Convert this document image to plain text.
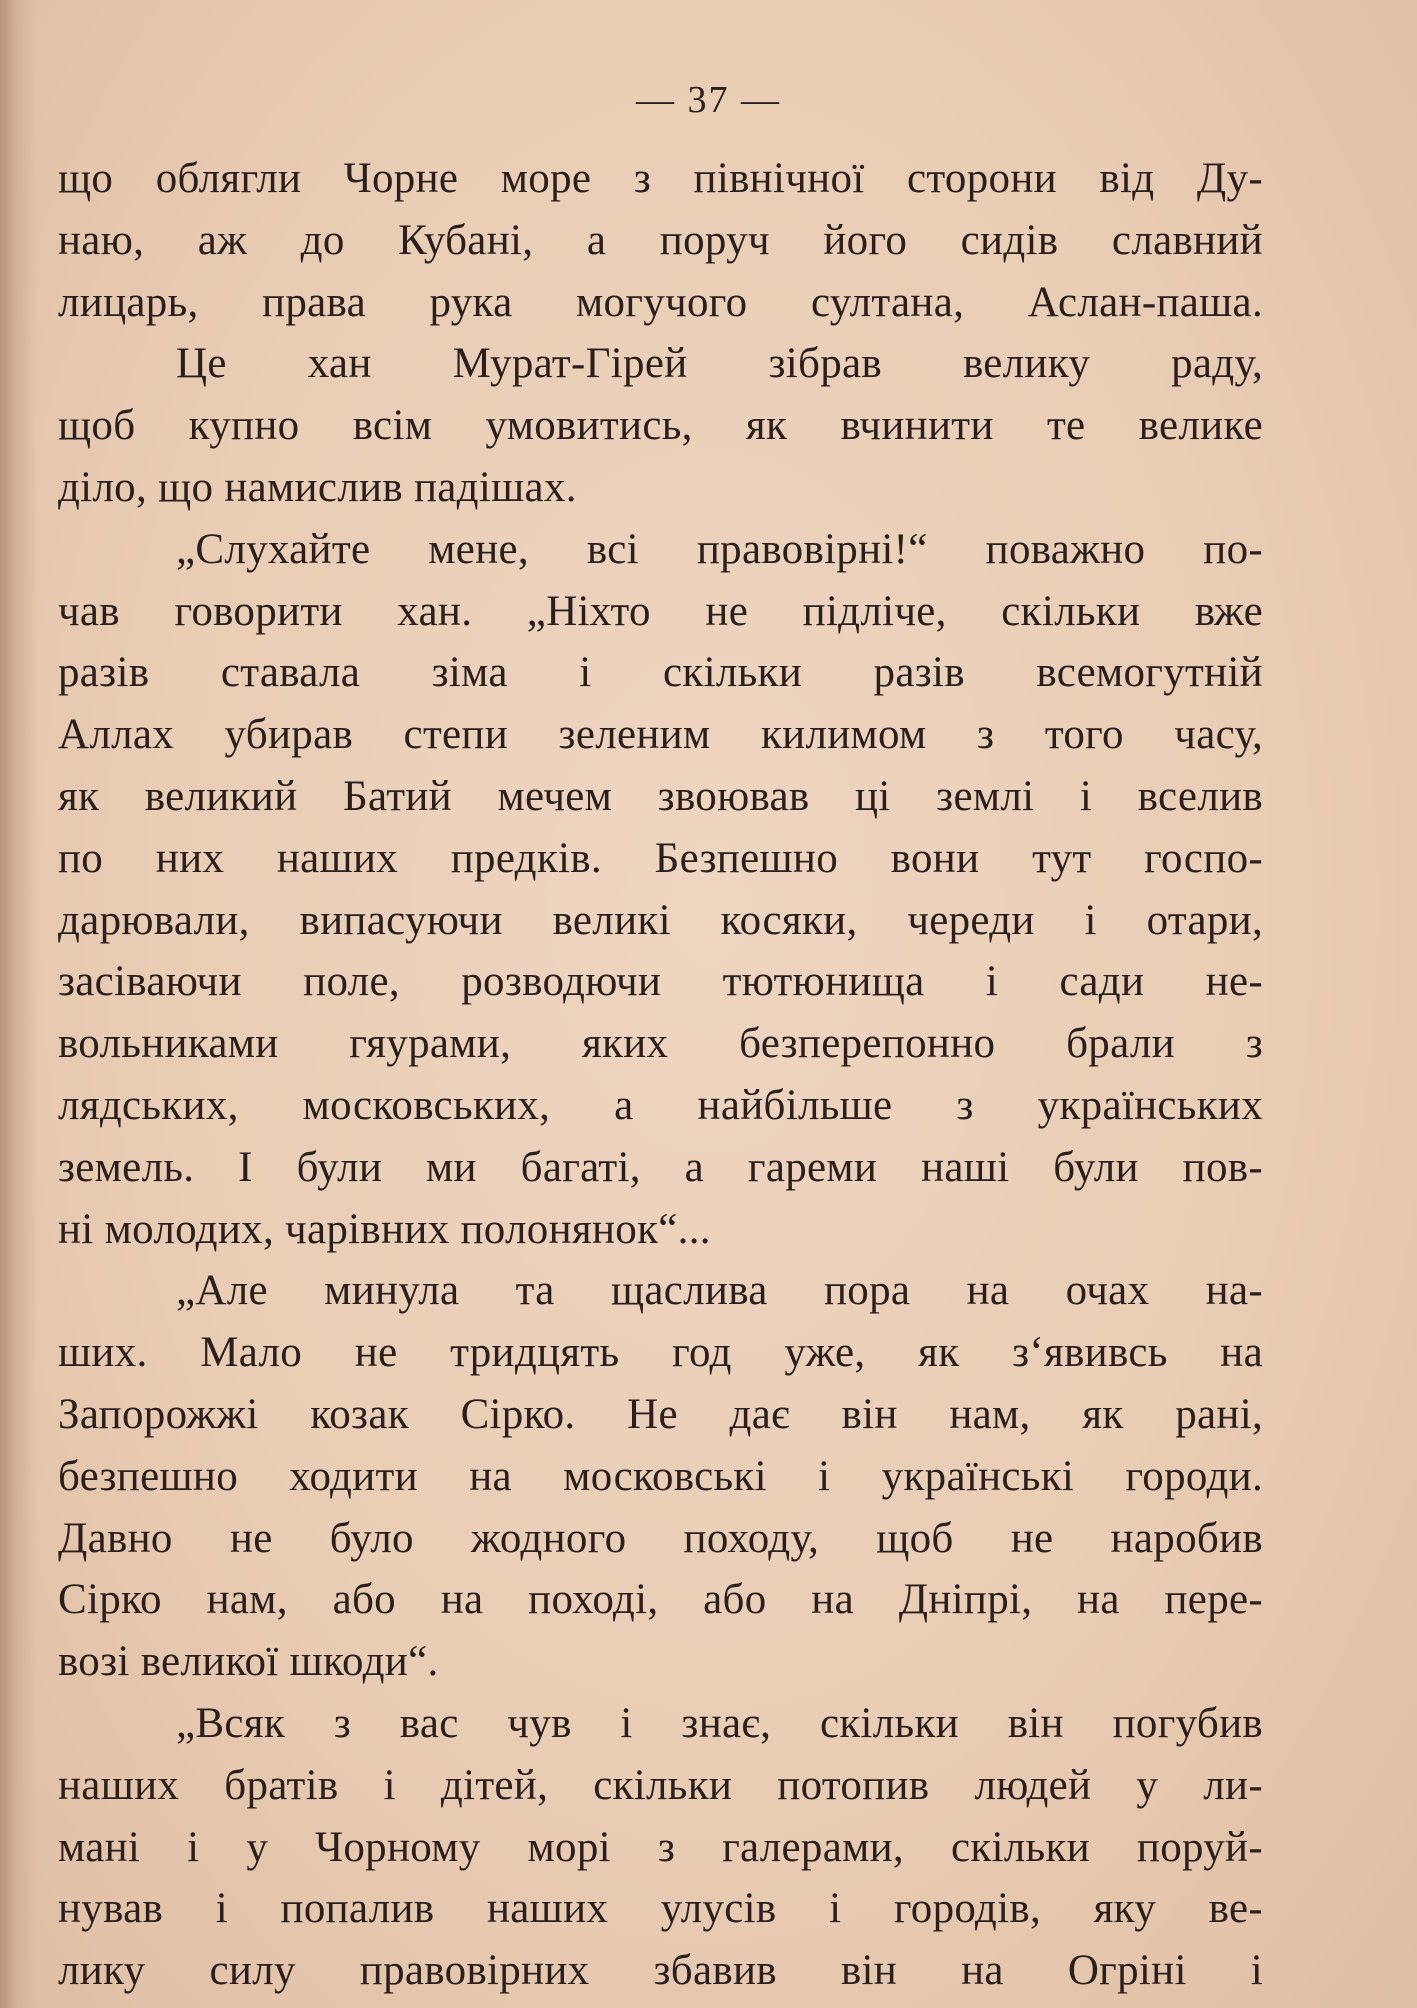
— 37 —
що облягли Чорне море з північної сторони від Ду-
наю, аж до Кубані, а поруч його сидів славний
лицарь, права рука могучого султана, Аслан-паша.
Це хан Мурат-Гірей зібрав велику раду,
щоб купно всім умовитись, як вчинити те велике
діло, що намислив падішах.
„Слухайте мене, всі правовірні!“ поважно по-
чав говорити хан. „Ніхто не підліче, скільки вже
разів ставала зіма і скільки разів всемогутній
Аллах убирав степи зеленим килимом з того часу,
як великий Батий мечем звоював ці землі і вселив
по них наших предків. Безпешно вони тут госпо-
дарювали, випасуючи великі косяки, череди і отари,
засіваючи поле, розводючи тютюнища і сади не-
вольниками гяурами, яких безперепонно брали з
лядських, московських, а найбільше з українських
земель. І були ми багаті, а гареми наші були пов-
ні молодих, чарівних полонянок“...
„Але минула та щаслива пора на очах на-
ших. Мало не тридцять год уже, як з‘явивсь на
Запорожжі козак Сірко. Не дає він нам, як рані,
безпешно ходити на московські і українські городи.
Давно не було жодного походу, щоб не наробив
Сірко нам, або на поході, або на Дніпрі, на пере-
возі великої шкоди“.
„Всяк з вас чув і знає, скільки він погубив
наших братів і дітей, скільки потопив людей у ли-
мані і у Чорному морі з галерами, скільки поруй-
нував і попалив наших улусів і городів, яку ве-
лику силу правовірних збавив він на Огріні і
